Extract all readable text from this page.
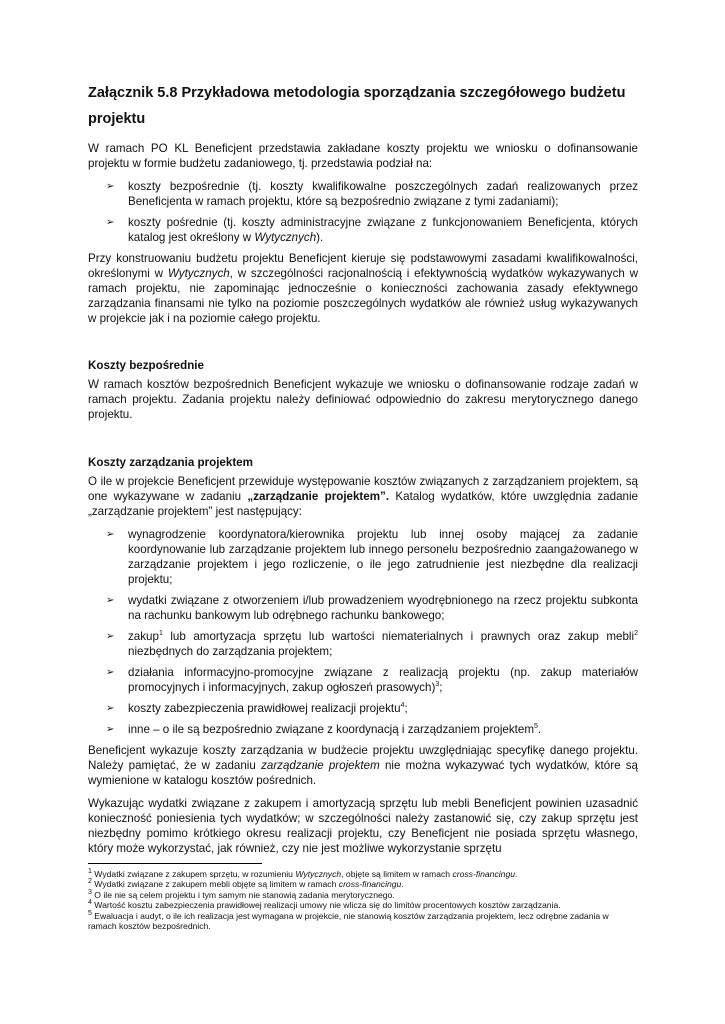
Załącznik 5.8 Przykładowa metodologia sporządzania szczegółowego budżetu projektu

W ramach PO KL Beneficjent przedstawia zakładane koszty projektu we wniosku o dofinansowanie projektu w formie budżetu zadaniowego, tj. przedstawia podział na:

➢ koszty bezpośrednie (tj. koszty kwalifikowalne poszczególnych zadań realizowanych przez Beneficjenta w ramach projektu, które są bezpośrednio związane z tymi zadaniami);
➢ koszty pośrednie (tj. koszty administracyjne związane z funkcjonowaniem Beneficjenta, których katalog jest określony w Wytycznych).

Przy konstruowaniu budżetu projektu Beneficjent kieruje się podstawowymi zasadami kwalifikowalności, określonymi w Wytycznych, w szczególności racjonalnością i efektywnością wydatków wykazywanych w ramach projektu, nie zapominając jednocześnie o konieczności zachowania zasady efektywnego zarządzania finansami nie tylko na poziomie poszczególnych wydatków ale również usług wykazywanych w projekcie jak i na poziomie całego projektu.

Koszty bezpośrednie

W ramach kosztów bezpośrednich Beneficjent wykazuje we wniosku o dofinansowanie rodzaje zadań w ramach projektu. Zadania projektu należy definiować odpowiednio do zakresu merytorycznego danego projektu.

Koszty zarządzania projektem

O ile w projekcie Beneficjent przewiduje występowanie kosztów związanych z zarządzaniem projektem, są one wykazywane w zadaniu „zarządzanie projektem”. Katalog wydatków, które uwzględnia zadanie „zarządzanie projektem” jest następujący:

➢ wynagrodzenie koordynatora/kierownika projektu lub innej osoby mającej za zadanie koordynowanie lub zarządzanie projektem lub innego personelu bezpośrednio zaangażowanego w zarządzanie projektem i jego rozliczenie, o ile jego zatrudnienie jest niezbędne dla realizacji projektu;
➢ wydatki związane z otworzeniem i/lub prowadzeniem wyodrębnionego na rzecz projektu subkonta na rachunku bankowym lub odrębnego rachunku bankowego;
➢ zakup$^1$ lub amortyzacja sprzętu lub wartości niematerialnych i prawnych oraz zakup mebli$^2$ niezbędnych do zarządzania projektem;
➢ działania informacyjno-promocyjne związane z realizacją projektu (np. zakup materiałów promocyjnych i informacyjnych, zakup ogłoszeń prasowych)$^3$;
➢ koszty zabezpieczenia prawidłowej realizacji projektu$^4$;
➢ inne – o ile są bezpośrednio związane z koordynacją i zarządzaniem projektem$^5$.

Beneficjent wykazuje koszty zarządzania w budżecie projektu uwzględniając specyfikę danego projektu. Należy pamiętać, że w zadaniu zarządzanie projektem nie można wykazywać tych wydatków, które są wymienione w katalogu kosztów pośrednich.

Wykazując wydatki związane z zakupem i amortyzacją sprzętu lub mebli Beneficjent powinien uzasadnić konieczność poniesienia tych wydatków; w szczególności należy zastanowić się, czy zakup sprzętu jest niezbędny pomimo krótkiego okresu realizacji projektu, czy Beneficjent nie posiada sprzętu własnego, który może wykorzystać, jak również, czy nie jest możliwe wykorzystanie sprzętu

$^1$ Wydatki związane z zakupem sprzętu, w rozumieniu Wytycznych, objęte są limitem w ramach cross-financingu.

$^2$ Wydatki związane z zakupem mebli objęte są limitem w ramach cross-financingu.

$^3$ O ile nie są celem projektu i tym samym nie stanowią zadania merytorycznego.

$^4$ Wartość kosztu zabezpieczenia prawidłowej realizacji umowy nie wlicza się do limitów procentowych kosztów zarządzania.

$^5$ Ewaluacja i audyt, o ile ich realizacja jest wymagana w projekcie, nie stanowią kosztów zarządzania projektem, lecz odrębne zadania w ramach kosztów bezpośrednich.
